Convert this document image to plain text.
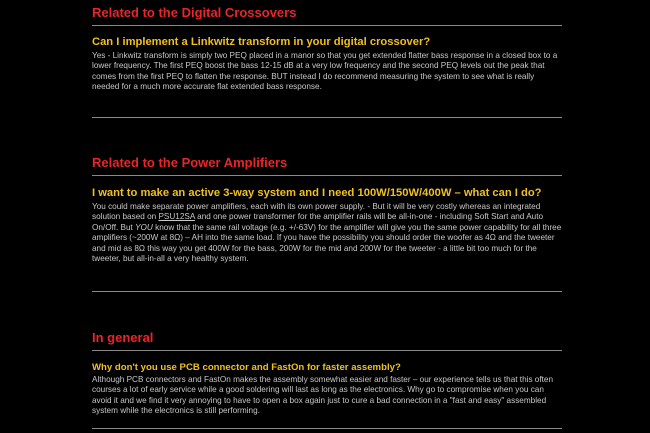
Related to the Digital Crossovers
Can I implement a Linkwitz transform in your digital crossover?

Yes - Linkwitz transform is simply two PEQ placed in a manor so that you get extended flatter bass response in a closed box to a lower frequency. The first PEQ boost the bass 12-15 dB at a very low frequency and the second PEQ levels out the peak that comes from the first PEQ to flatten the response. BUT instead I do recommend measuring the system to see what is really needed for a much more accurate flat extended bass response.

Related to the Power Amplifiers
I want to make an active 3-way system and I need 100W/150W/400W – what can I do?

You could make separate power amplifiers, each with its own power supply. - But it will be very costly whereas an integrated solution based on PSU12SA and one power transformer for the amplifier rails will be all-in-one - including Soft Start and Auto On/Off. But YOU know that the same rail voltage (e.g. +/-63V) for the amplifier will give you the same power capability for all three amplifiers (~200W at 8Ω) – AH into the same load. If you have the possibility you should order the woofer as 4Ω and the tweeter and mid as 8Ω this way you get 400W for the bass, 200W for the mid and 200W for the tweeter - a little bit too much for the tweeter, but all-in-all a very healthy system.

In general
Why don't you use PCB connector and FastOn for faster assembly?

Although PCB connectors and FastOn makes the assembly somewhat easier and faster – our experience tells us that this often courses a lot of early service while a good soldering will last as long as the electronics. Why go to compromise when you can avoid it and we find it very annoying to have to open a box again just to cure a bad connection in a "fast and easy" assembled system while the electronics is still performing.
